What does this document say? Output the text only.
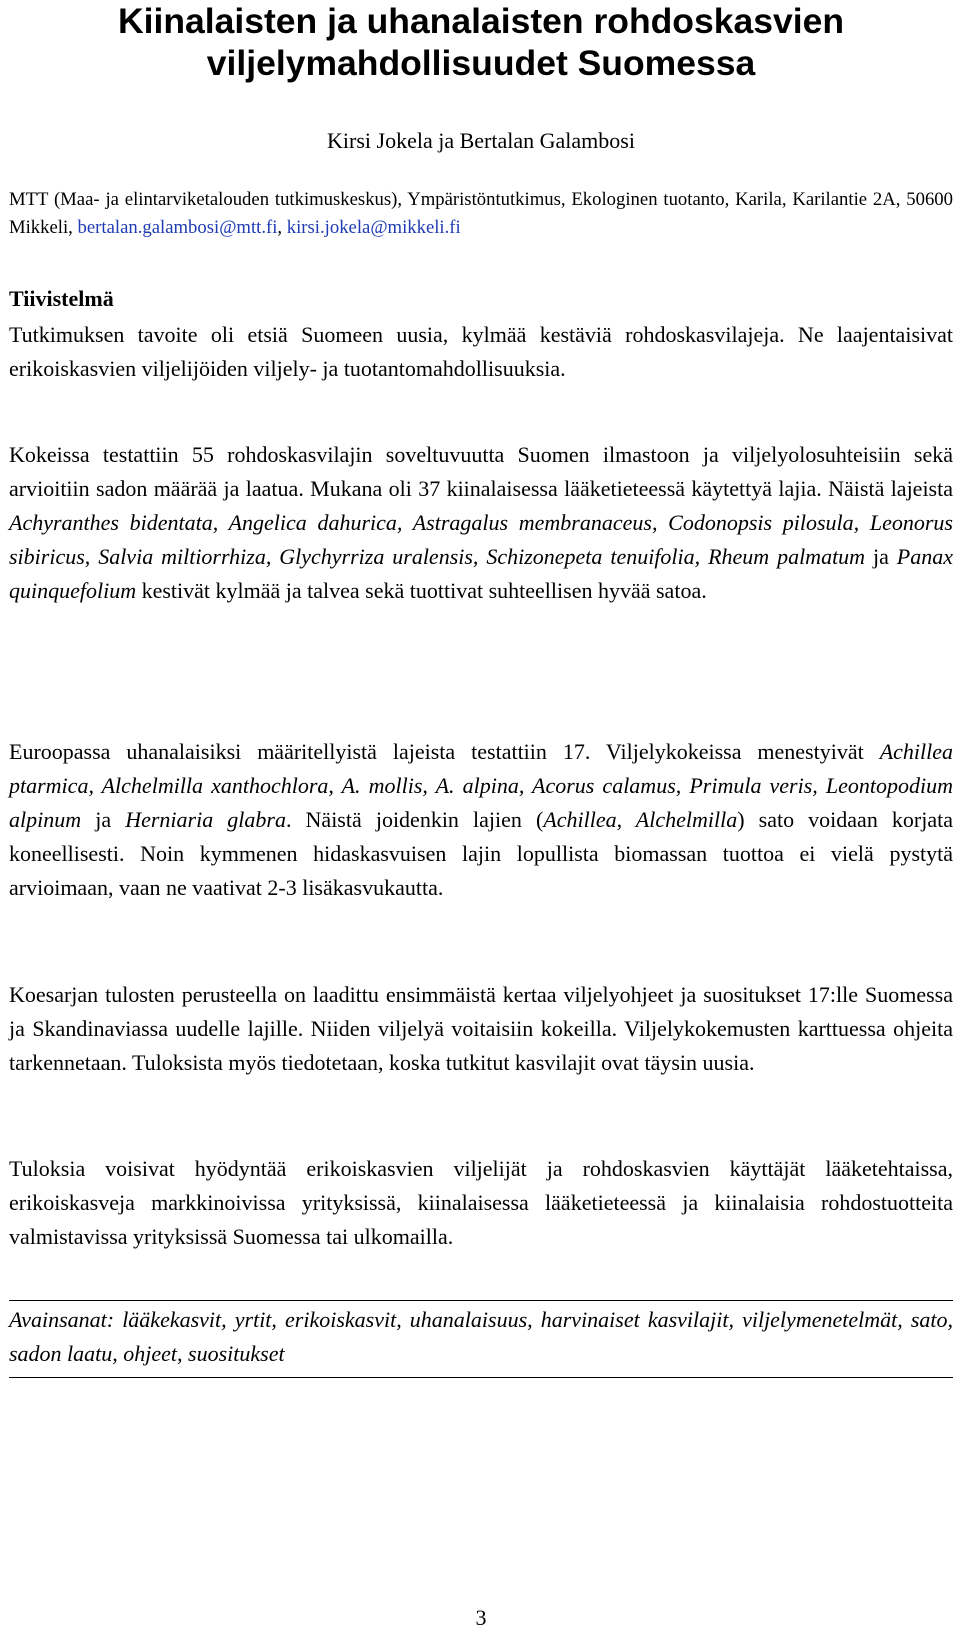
Kiinalaisten ja uhanalaisten rohdoskasvien
viljelymahdollisuudet Suomessa
Kirsi Jokela ja Bertalan Galambosi
MTT (Maa- ja elintarviketalouden tutkimuskeskus), Ympäristöntutkimus, Ekologinen tuotanto, Karila, Karilantie 2A, 50600 Mikkeli, bertalan.galambosi@mtt.fi, kirsi.jokela@mikkeli.fi
Tiivistelmä
Tutkimuksen tavoite oli etsiä Suomeen uusia, kylmää kestäviä rohdoskasvilajeja. Ne laajentaisivat erikoiskasvien viljelijöiden viljely- ja tuotantomahdollisuuksia.
Kokeissa testattiin 55 rohdoskasvilajin soveltuvuutta Suomen ilmastoon ja viljelyolosuhteisiin sekä arvioitiin sadon määrää ja laatua. Mukana oli 37 kiinalaisessa lääketieteessä käytettyä lajia. Näistä lajeista Achyranthes bidentata, Angelica dahurica, Astragalus membranaceus, Codonopsis pilosula, Leonorus sibiricus, Salvia miltiorrhiza, Glychyrriza uralensis, Schizonepeta tenuifolia, Rheum palmatum ja Panax quinquefolium kestivät kylmää ja talvea sekä tuottivat suhteellisen hyvää satoa.
Euroopassa uhanalaisiksi määritellyistä lajeista testattiin 17. Viljelykokeissa menestyivät Achillea ptarmica, Alchelmilla xanthochlora, A. mollis, A. alpina, Acorus calamus, Primula veris, Leontopodium alpinum ja Herniaria glabra. Näistä joidenkin lajien (Achillea, Alchelmilla) sato voidaan korjata koneellisesti. Noin kymmenen hidaskasvuisen lajin lopullista biomassan tuottoa ei vielä pystytä arvioimaan, vaan ne vaativat 2-3 lisäkasvukautta.
Koesarjan tulosten perusteella on laadittu ensimmäistä kertaa viljelyohjeet ja suositukset 17:lle Suomessa ja Skandinaviassa uudelle lajille. Niiden viljelyä voitaisiin kokeilla. Viljelykokemusten karttuessa ohjeita tarkennetaan. Tuloksista myös tiedotetaan, koska tutkitut kasvilajit ovat täysin uusia.
Tuloksia voisivat hyödyntää erikoiskasvien viljelijät ja rohdoskasvien käyttäjät lääketehtaissa, erikoiskasveja markkinoivissa yrityksissä, kiinalaisessa lääketieteessä ja kiinalaisia rohdostuotteita valmistavissa yrityksissä Suomessa tai ulkomailla.
Avainsanat: lääkekasvit, yrtit, erikoiskasvit, uhanalaisuus, harvinaiset kasvilajit, viljelymenetelmät, sato, sadon laatu, ohjeet, suositukset
3
